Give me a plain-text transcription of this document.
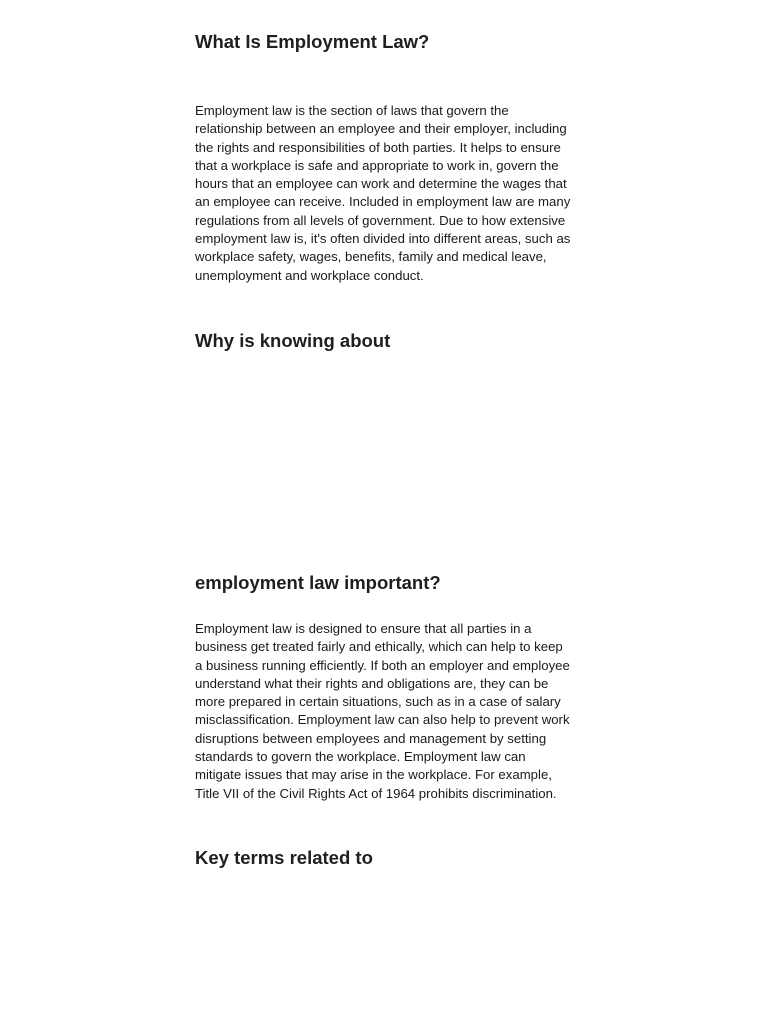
What Is Employment Law?

Employment law is the section of laws that govern the relationship between an employee and their employer, including the rights and responsibilities of both parties. It helps to ensure that a workplace is safe and appropriate to work in, govern the hours that an employee can work and determine the wages that an employee can receive. Included in employment law are many regulations from all levels of government. Due to how extensive employment law is, it's often divided into different areas, such as workplace safety, wages, benefits, family and medical leave, unemployment and workplace conduct.

Why is knowing about
employment law important?

Employment law is designed to ensure that all parties in a business get treated fairly and ethically, which can help to keep a business running efficiently. If both an employer and employee understand what their rights and obligations are, they can be more prepared in certain situations, such as in a case of salary misclassification. Employment law can also help to prevent work disruptions between employees and management by setting standards to govern the workplace. Employment law can mitigate issues that may arise in the workplace. For example, Title VII of the Civil Rights Act of 1964 prohibits discrimination.

Key terms related to
